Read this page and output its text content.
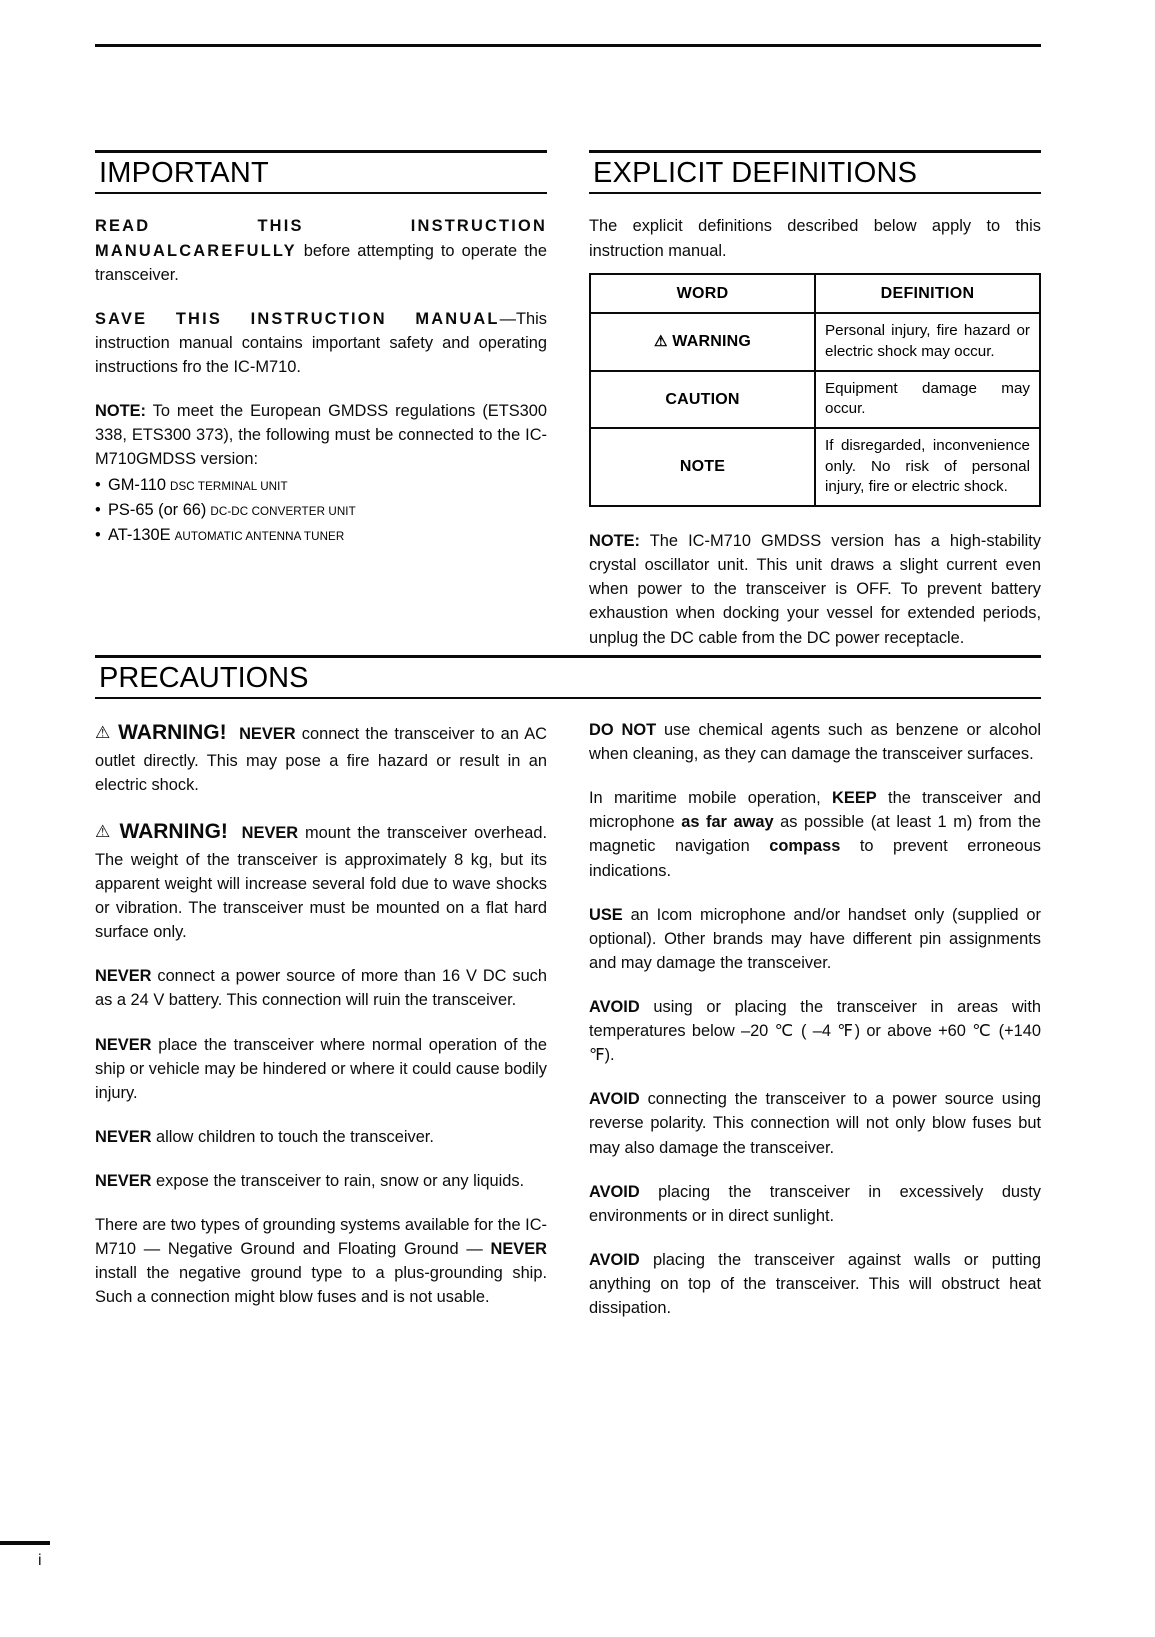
IMPORTANT

READ THIS INSTRUCTION MANUALCAREFULLY before attempting to operate the transceiver.

SAVE THIS INSTRUCTION MANUAL—This instruction manual contains important safety and operating instructions fro the IC-M710.

NOTE: To meet the European GMDSS regulations (ETS300 338, ETS300 373), the following must be connected to the IC-M710GMDSS version:

• GM-110 DSC TERMINAL UNIT
• PS-65 (or 66) DC-DC CONVERTER UNIT
• AT-130E AUTOMATIC ANTENNA TUNER
EXPLICIT DEFINITIONS

The explicit definitions described below apply to this instruction manual.

WORD	DEFINITION
⚠ WARNING	Personal injury, fire hazard or electric shock may occur.
CAUTION	Equipment damage may occur.
NOTE	If disregarded, inconvenience only. No risk of personal injury, fire or electric shock.

NOTE: The IC-M710 GMDSS version has a high-stability crystal oscillator unit. This unit draws a slight current even when power to the transceiver is OFF. To prevent battery exhaustion when docking your vessel for extended periods, unplug the DC cable from the DC power receptacle.

PRECAUTIONS

⚠ WARNING! NEVER connect the transceiver to an AC outlet directly. This may pose a fire hazard or result in an electric shock.

⚠ WARNING! NEVER mount the transceiver overhead. The weight of the transceiver is approximately 8 kg, but its apparent weight will increase several fold due to wave shocks or vibration. The transceiver must be mounted on a flat hard surface only.

NEVER connect a power source of more than 16 V DC such as a 24 V battery. This connection will ruin the transceiver.

NEVER place the transceiver where normal operation of the ship or vehicle may be hindered or where it could cause bodily injury.

NEVER allow children to touch the transceiver.

NEVER expose the transceiver to rain, snow or any liquids.

There are two types of grounding systems available for the IC-M710 — Negative Ground and Floating Ground — NEVER install the negative ground type to a plus-grounding ship. Such a connection might blow fuses and is not usable.

DO NOT use chemical agents such as benzene or alcohol when cleaning, as they can damage the transceiver surfaces.

In maritime mobile operation, KEEP the transceiver and microphone as far away as possible (at least 1 m) from the magnetic navigation compass to prevent erroneous indications.

USE an Icom microphone and/or handset only (supplied or optional). Other brands may have different pin assignments and may damage the transceiver.

AVOID using or placing the transceiver in areas with temperatures below –20 ℃ ( –4 ℉) or above +60 ℃ (+140 ℉).

AVOID connecting the transceiver to a power source using reverse polarity. This connection will not only blow fuses but may also damage the transceiver.

AVOID placing the transceiver in excessively dusty environments or in direct sunlight.

AVOID placing the transceiver against walls or putting anything on top of the transceiver. This will obstruct heat dissipation.

i
